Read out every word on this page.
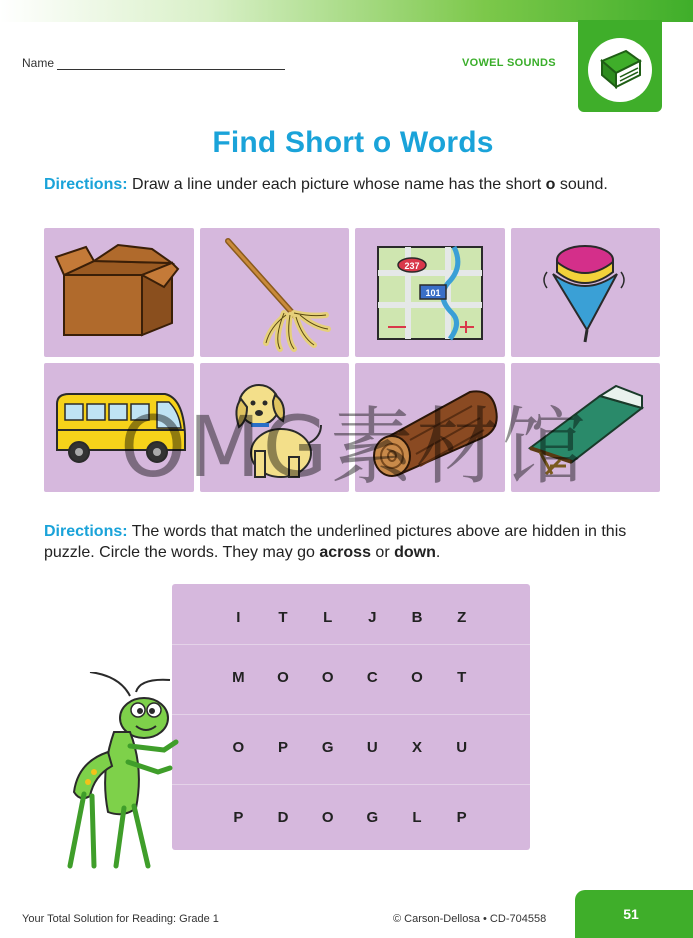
Name	VOWEL SOUNDS
Find Short o Words
Directions: Draw a line under each picture whose name has the short o sound.
237
101
OMG素材馆
Directions: The words that match the underlined pictures above are hidden in this puzzle. Circle the words. They may go across or down.
I	T	L	J	B	Z
M	O	O	C	O	T
O	P	G	U	X	U
P	D	O	G	L	P
Your Total Solution for Reading: Grade 1	© Carson-Dellosa • CD-704558	51
